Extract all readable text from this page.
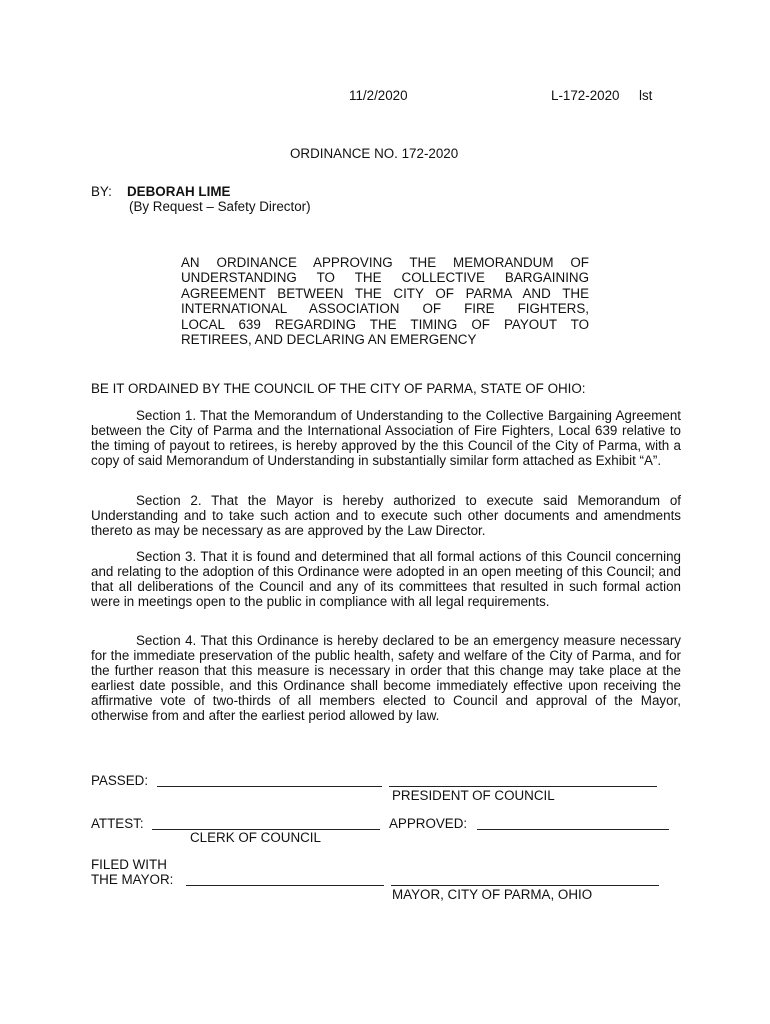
11/2/2020	L-172-2020 lst
ORDINANCE NO. 172-2020
BY: DEBORAH LIME
(By Request – Safety Director)
AN ORDINANCE APPROVING THE MEMORANDUM OF
UNDERSTANDING TO THE COLLECTIVE BARGAINING
AGREEMENT BETWEEN THE CITY OF PARMA AND THE
INTERNATIONAL ASSOCIATION OF FIRE FIGHTERS,
LOCAL 639 REGARDING THE TIMING OF PAYOUT TO
RETIREES, AND DECLARING AN EMERGENCY
BE IT ORDAINED BY THE COUNCIL OF THE CITY OF PARMA, STATE OF OHIO:
Section 1. That the Memorandum of Understanding to the Collective Bargaining Agreement between the City of Parma and the International Association of Fire Fighters, Local 639 relative to the timing of payout to retirees, is hereby approved by the this Council of the City of Parma, with a copy of said Memorandum of Understanding in substantially similar form attached as Exhibit “A”.
Section 2. That the Mayor is hereby authorized to execute said Memorandum of Understanding and to take such action and to execute such other documents and amendments thereto as may be necessary as are approved by the Law Director.
Section 3. That it is found and determined that all formal actions of this Council concerning and relating to the adoption of this Ordinance were adopted in an open meeting of this Council; and that all deliberations of the Council and any of its committees that resulted in such formal action were in meetings open to the public in compliance with all legal requirements.
Section 4. That this Ordinance is hereby declared to be an emergency measure necessary for the immediate preservation of the public health, safety and welfare of the City of Parma, and for the further reason that this measure is necessary in order that this change may take place at the earliest date possible, and this Ordinance shall become immediately effective upon receiving the affirmative vote of two-thirds of all members elected to Council and approval of the Mayor, otherwise from and after the earliest period allowed by law.
PASSED:
PRESIDENT OF COUNCIL
ATTEST:	APPROVED:
CLERK OF COUNCIL
FILED WITH
THE MAYOR:
MAYOR, CITY OF PARMA, OHIO
